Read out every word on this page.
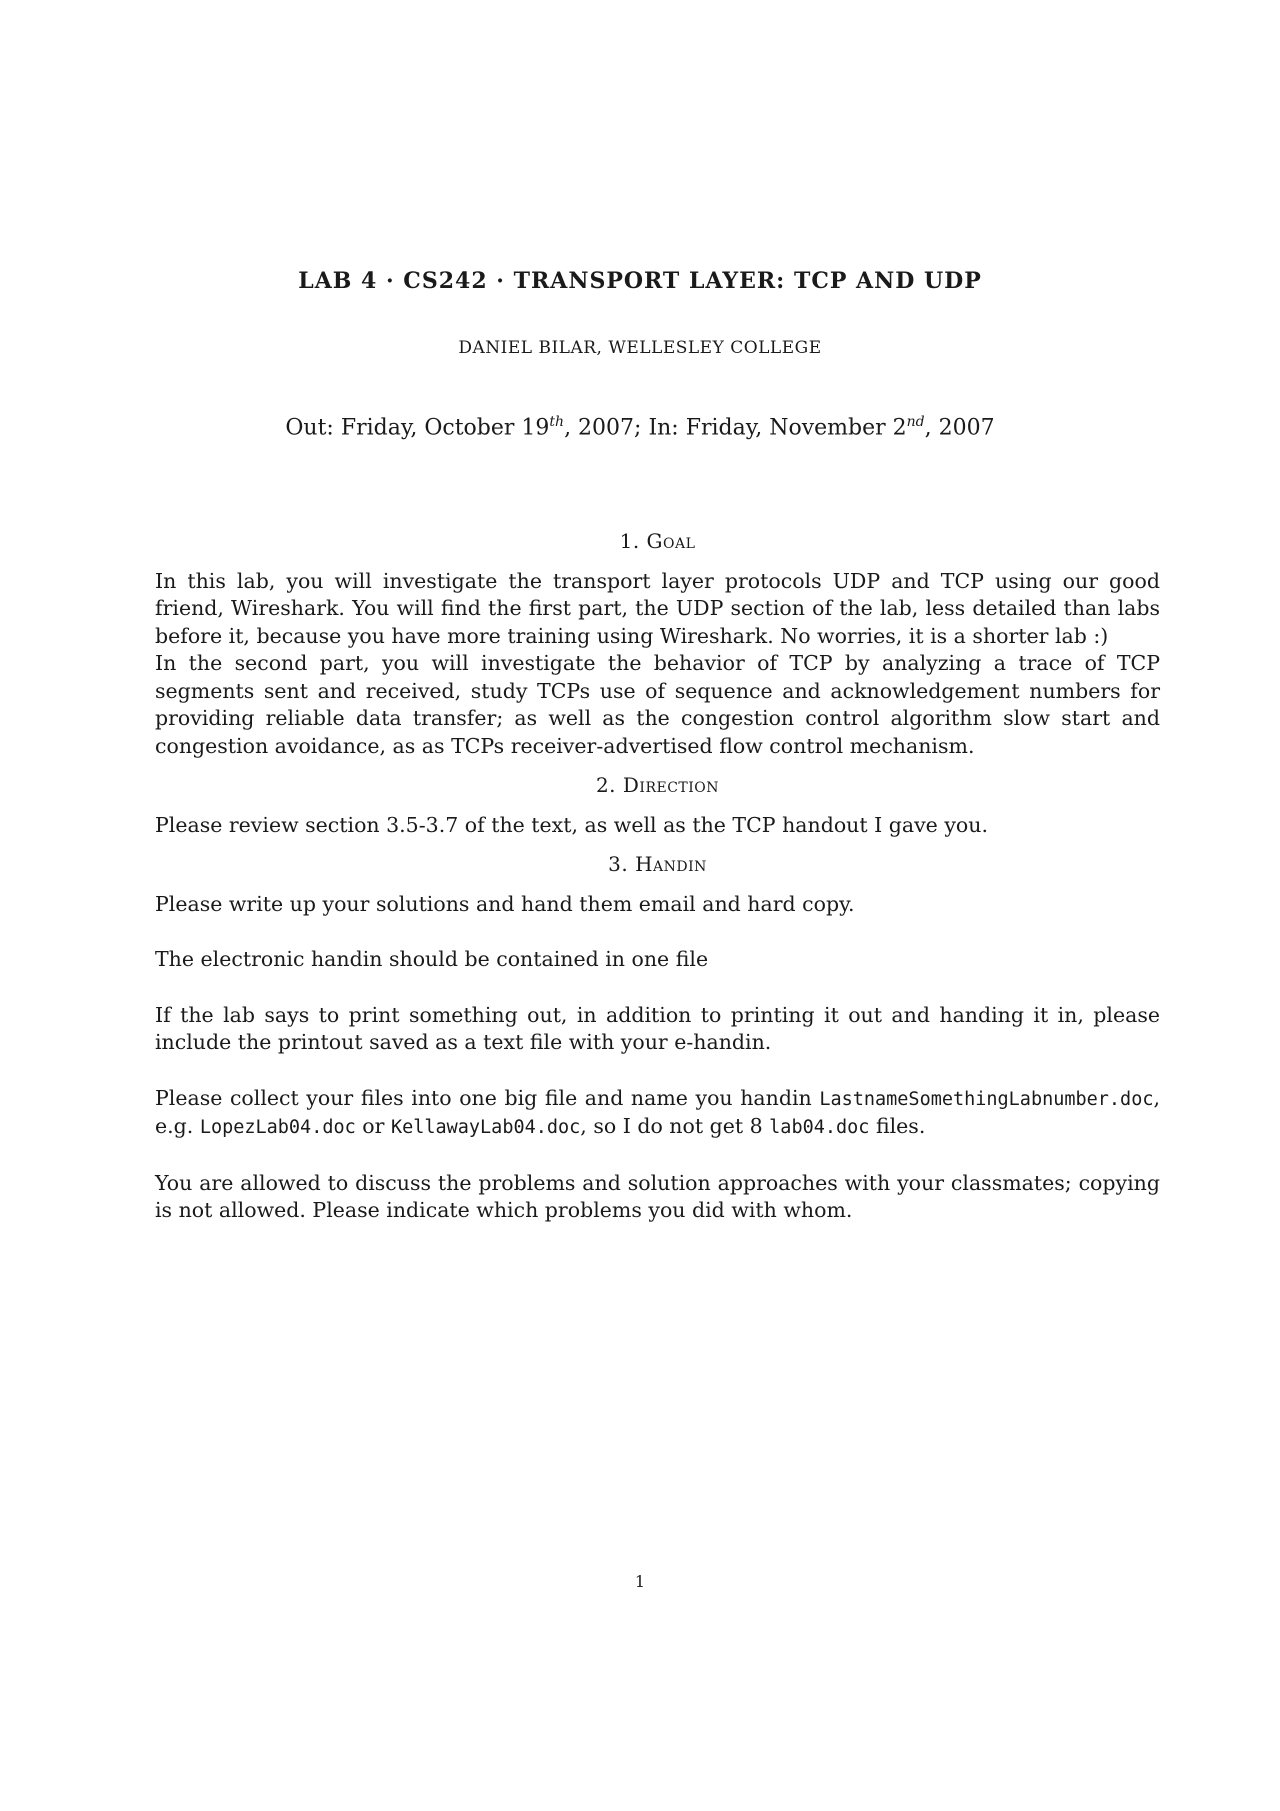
LAB 4 · CS242 · TRANSPORT LAYER: TCP AND UDP
DANIEL BILAR, WELLESLEY COLLEGE
Out: Friday, October 19th, 2007; In: Friday, November 2nd, 2007
1. Goal

In this lab, you will investigate the transport layer protocols UDP and TCP using our good friend, Wireshark. You will find the first part, the UDP section of the lab, less detailed than labs before it, because you have more training using Wireshark. No worries, it is a shorter lab :)

In the second part, you will investigate the behavior of TCP by analyzing a trace of TCP segments sent and received, study TCPs use of sequence and acknowledgement numbers for providing reliable data transfer; as well as the congestion control algorithm slow start and congestion avoidance, as as TCPs receiver-advertised flow control mechanism.

2. Direction

Please review section 3.5-3.7 of the text, as well as the TCP handout I gave you.

3. Handin

Please write up your solutions and hand them email and hard copy.

The electronic handin should be contained in one file

If the lab says to print something out, in addition to printing it out and handing it in, please include the printout saved as a text file with your e-handin.

Please collect your files into one big file and name you handin LastnameSomethingLabnumber.doc, e.g. LopezLab04.doc or KellawayLab04.doc, so I do not get 8 lab04.doc files.

You are allowed to discuss the problems and solution approaches with your classmates; copying is not allowed. Please indicate which problems you did with whom.

1
